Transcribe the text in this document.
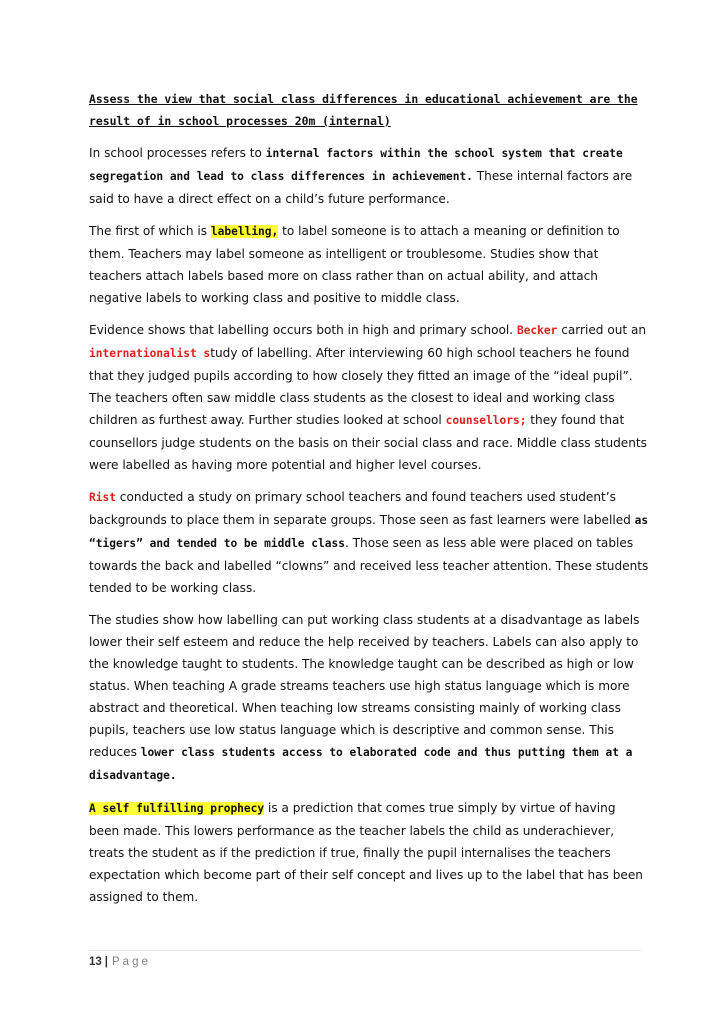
Assess the view that social class differences in educational achievement are the
result of in school processes 20m (internal)

In school processes refers to internal factors within the school system that create segregation and lead to class differences in achievement. These internal factors are said to have a direct effect on a child’s future performance.

The first of which is labelling, to label someone is to attach a meaning or definition to them. Teachers may label someone as intelligent or troublesome. Studies show that teachers attach labels based more on class rather than on actual ability, and attach negative labels to working class and positive to middle class.

Evidence shows that labelling occurs both in high and primary school. Becker carried out an internationalist study of labelling. After interviewing 60 high school teachers he found that they judged pupils according to how closely they fitted an image of the “ideal pupil”. The teachers often saw middle class students as the closest to ideal and working class children as furthest away. Further studies looked at school counsellors; they found that counsellors judge students on the basis on their social class and race. Middle class students were labelled as having more potential and higher level courses.

Rist conducted a study on primary school teachers and found teachers used student’s backgrounds to place them in separate groups. Those seen as fast learners were labelled as “tigers” and tended to be middle class. Those seen as less able were placed on tables towards the back and labelled “clowns” and received less teacher attention. These students tended to be working class.

The studies show how labelling can put working class students at a disadvantage as labels lower their self esteem and reduce the help received by teachers. Labels can also apply to the knowledge taught to students. The knowledge taught can be described as high or low status. When teaching A grade streams teachers use high status language which is more abstract and theoretical. When teaching low streams consisting mainly of working class pupils, teachers use low status language which is descriptive and common sense. This reduces lower class students access to elaborated code and thus putting them at a disadvantage.

A self fulfilling prophecy is a prediction that comes true simply by virtue of having been made. This lowers performance as the teacher labels the child as underachiever, treats the student as if the prediction if true, finally the pupil internalises the teachers expectation which become part of their self concept and lives up to the label that has been assigned to them.

13 | Page
